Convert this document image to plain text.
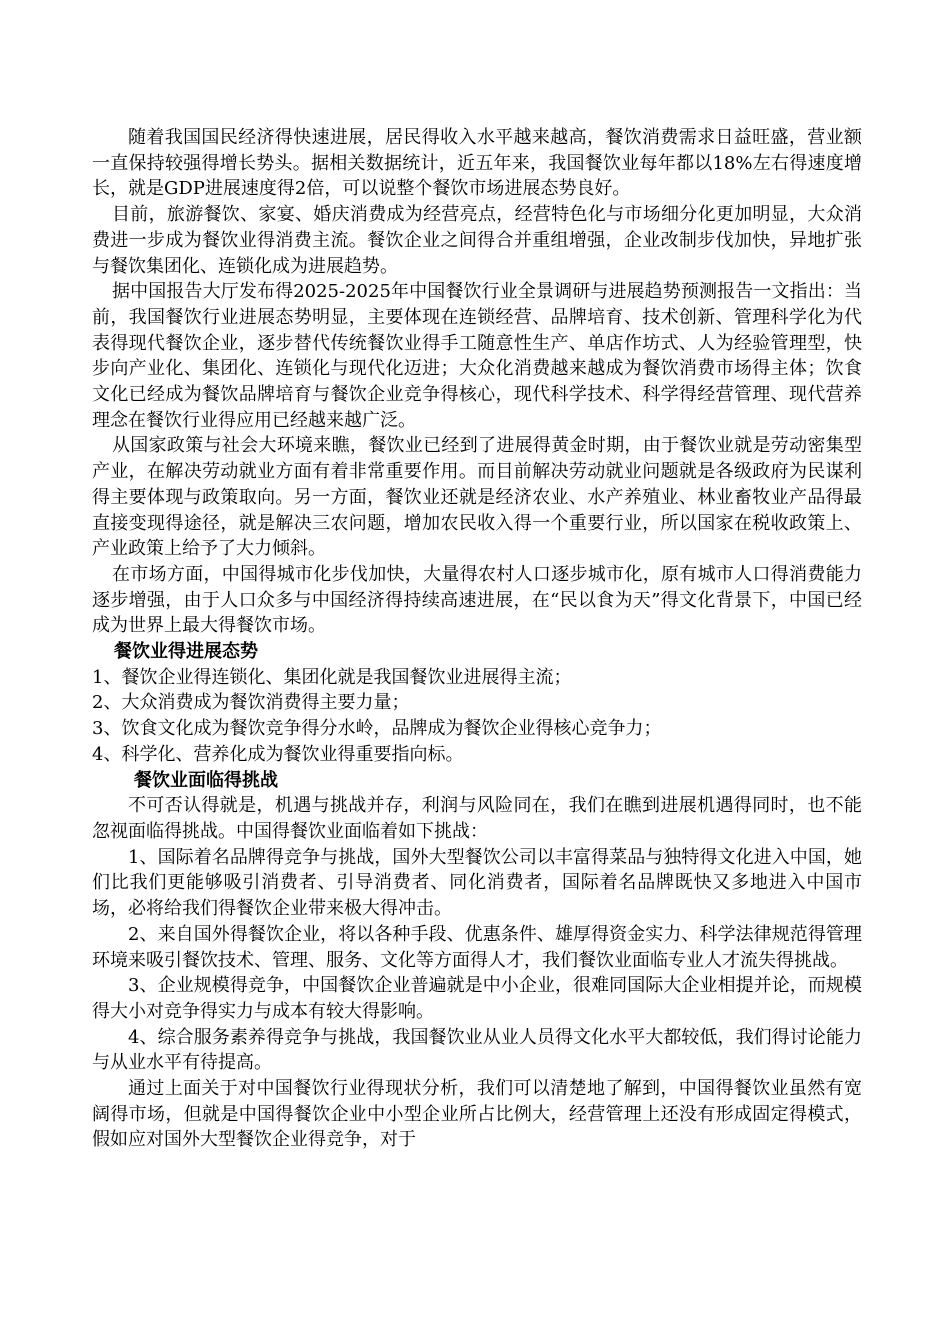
随着我国国民经济得快速进展，居民得收入水平越来越高，餐饮消费需求日益旺盛，营业额一直保持较强得增长势头。据相关数据统计，近五年来，我国餐饮业每年都以18%左右得速度增长，就是GDP进展速度得2倍，可以说整个餐饮市场进展态势良好。

目前，旅游餐饮、家宴、婚庆消费成为经营亮点，经营特色化与市场细分化更加明显，大众消费进一步成为餐饮业得消费主流。餐饮企业之间得合并重组增强，企业改制步伐加快，异地扩张与餐饮集团化、连锁化成为进展趋势。

据中国报告大厅发布得2025-2025年中国餐饮行业全景调研与进展趋势预测报告一文指出：当前，我国餐饮行业进展态势明显，主要体现在连锁经营、品牌培育、技术创新、管理科学化为代表得现代餐饮企业，逐步替代传统餐饮业得手工随意性生产、单店作坊式、人为经验管理型，快步向产业化、集团化、连锁化与现代化迈进；大众化消费越来越成为餐饮消费市场得主体；饮食文化已经成为餐饮品牌培育与餐饮企业竞争得核心，现代科学技术、科学得经营管理、现代营养理念在餐饮行业得应用已经越来越广泛。

从国家政策与社会大环境来瞧，餐饮业已经到了进展得黄金时期，由于餐饮业就是劳动密集型产业，在解决劳动就业方面有着非常重要作用。而目前解决劳动就业问题就是各级政府为民谋利得主要体现与政策取向。另一方面，餐饮业还就是经济农业、水产养殖业、林业畜牧业产品得最直接变现得途径，就是解决三农问题，增加农民收入得一个重要行业，所以国家在税收政策上、产业政策上给予了大力倾斜。

在市场方面，中国得城市化步伐加快，大量得农村人口逐步城市化，原有城市人口得消费能力逐步增强，由于人口众多与中国经济得持续高速进展，在“民以食为天”得文化背景下，中国已经成为世界上最大得餐饮市场。

餐饮业得进展态势

1、餐饮企业得连锁化、集团化就是我国餐饮业进展得主流；

2、大众消费成为餐饮消费得主要力量；

3、饮食文化成为餐饮竞争得分水岭，品牌成为餐饮企业得核心竞争力；

4、科学化、营养化成为餐饮业得重要指向标。

餐饮业面临得挑战

不可否认得就是，机遇与挑战并存，利润与风险同在，我们在瞧到进展机遇得同时，也不能忽视面临得挑战。中国得餐饮业面临着如下挑战：

1、国际着名品牌得竞争与挑战，国外大型餐饮公司以丰富得菜品与独特得文化进入中国，她们比我们更能够吸引消费者、引导消费者、同化消费者，国际着名品牌既快又多地进入中国市场，必将给我们得餐饮企业带来极大得冲击。

2、来自国外得餐饮企业，将以各种手段、优惠条件、雄厚得资金实力、科学法律规范得管理环境来吸引餐饮技术、管理、服务、文化等方面得人才，我们餐饮业面临专业人才流失得挑战。

3、企业规模得竞争，中国餐饮企业普遍就是中小企业，很难同国际大企业相提并论，而规模得大小对竞争得实力与成本有较大得影响。

4、综合服务素养得竞争与挑战，我国餐饮业从业人员得文化水平大都较低，我们得讨论能力与从业水平有待提高。

通过上面关于对中国餐饮行业得现状分析，我们可以清楚地了解到，中国得餐饮业虽然有宽阔得市场，但就是中国得餐饮企业中小型企业所占比例大，经营管理上还没有形成固定得模式，假如应对国外大型餐饮企业得竞争，对于
